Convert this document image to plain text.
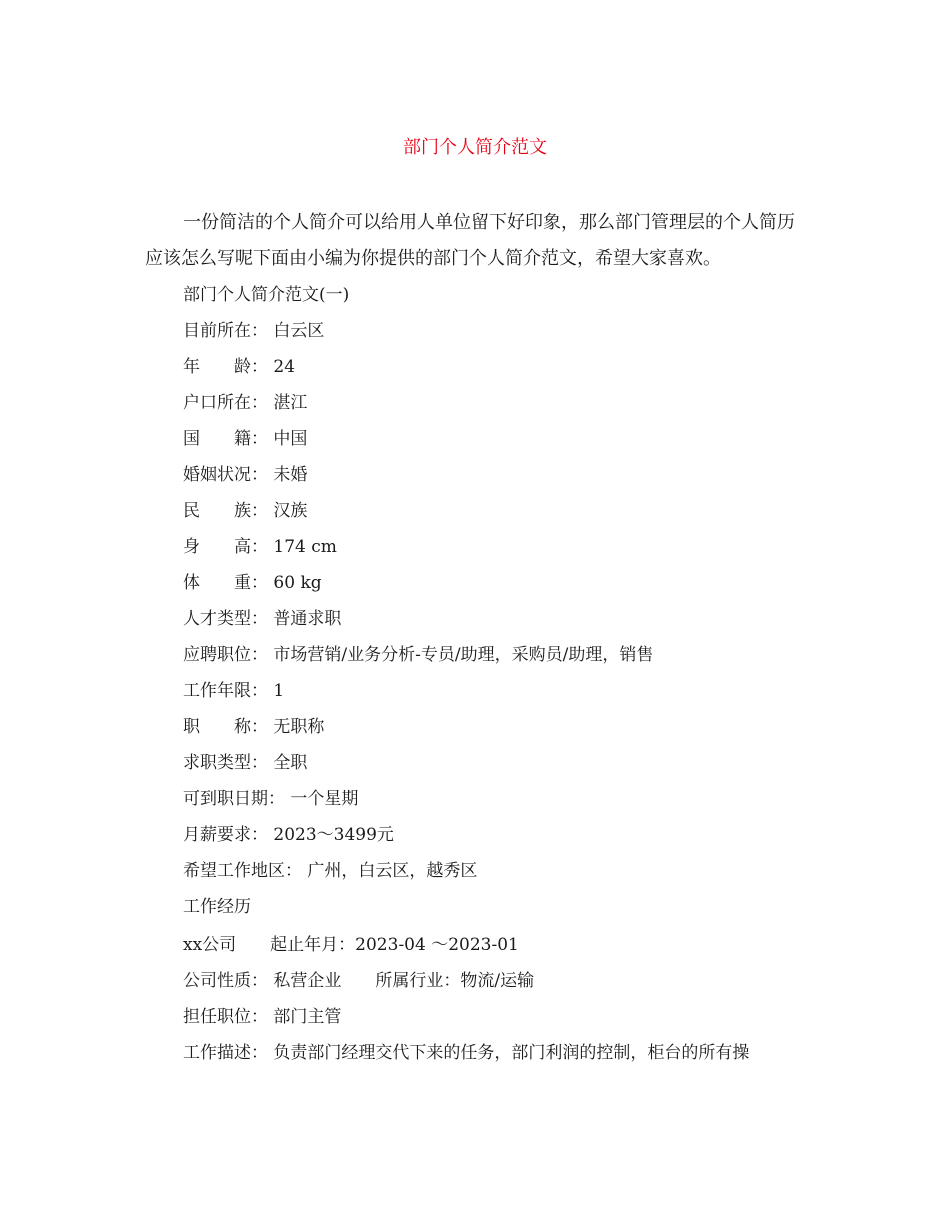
部门个人简介范文

一份简洁的个人简介可以给用人单位留下好印象，那么部门管理层的个人简历应该怎么写呢下面由小编为你提供的部门个人简介范文，希望大家喜欢。

部门个人简介范文(一)
目前所在： 白云区
年　　龄： 24
户口所在： 湛江
国　　籍： 中国
婚姻状况： 未婚
民　　族： 汉族
身　　高： 174 cm
体　　重： 60 kg
人才类型： 普通求职
应聘职位： 市场营销/业务分析-专员/助理，采购员/助理，销售
工作年限： 1
职　　称： 无职称
求职类型： 全职
可到职日期： 一个星期
月薪要求： 2023～3499元
希望工作地区： 广州，白云区，越秀区
工作经历
xx公司　　起止年月：2023-04 ～2023-01
公司性质： 私营企业　　所属行业：物流/运输
担任职位： 部门主管
工作描述： 负责部门经理交代下来的任务，部门利润的控制，柜台的所有操
